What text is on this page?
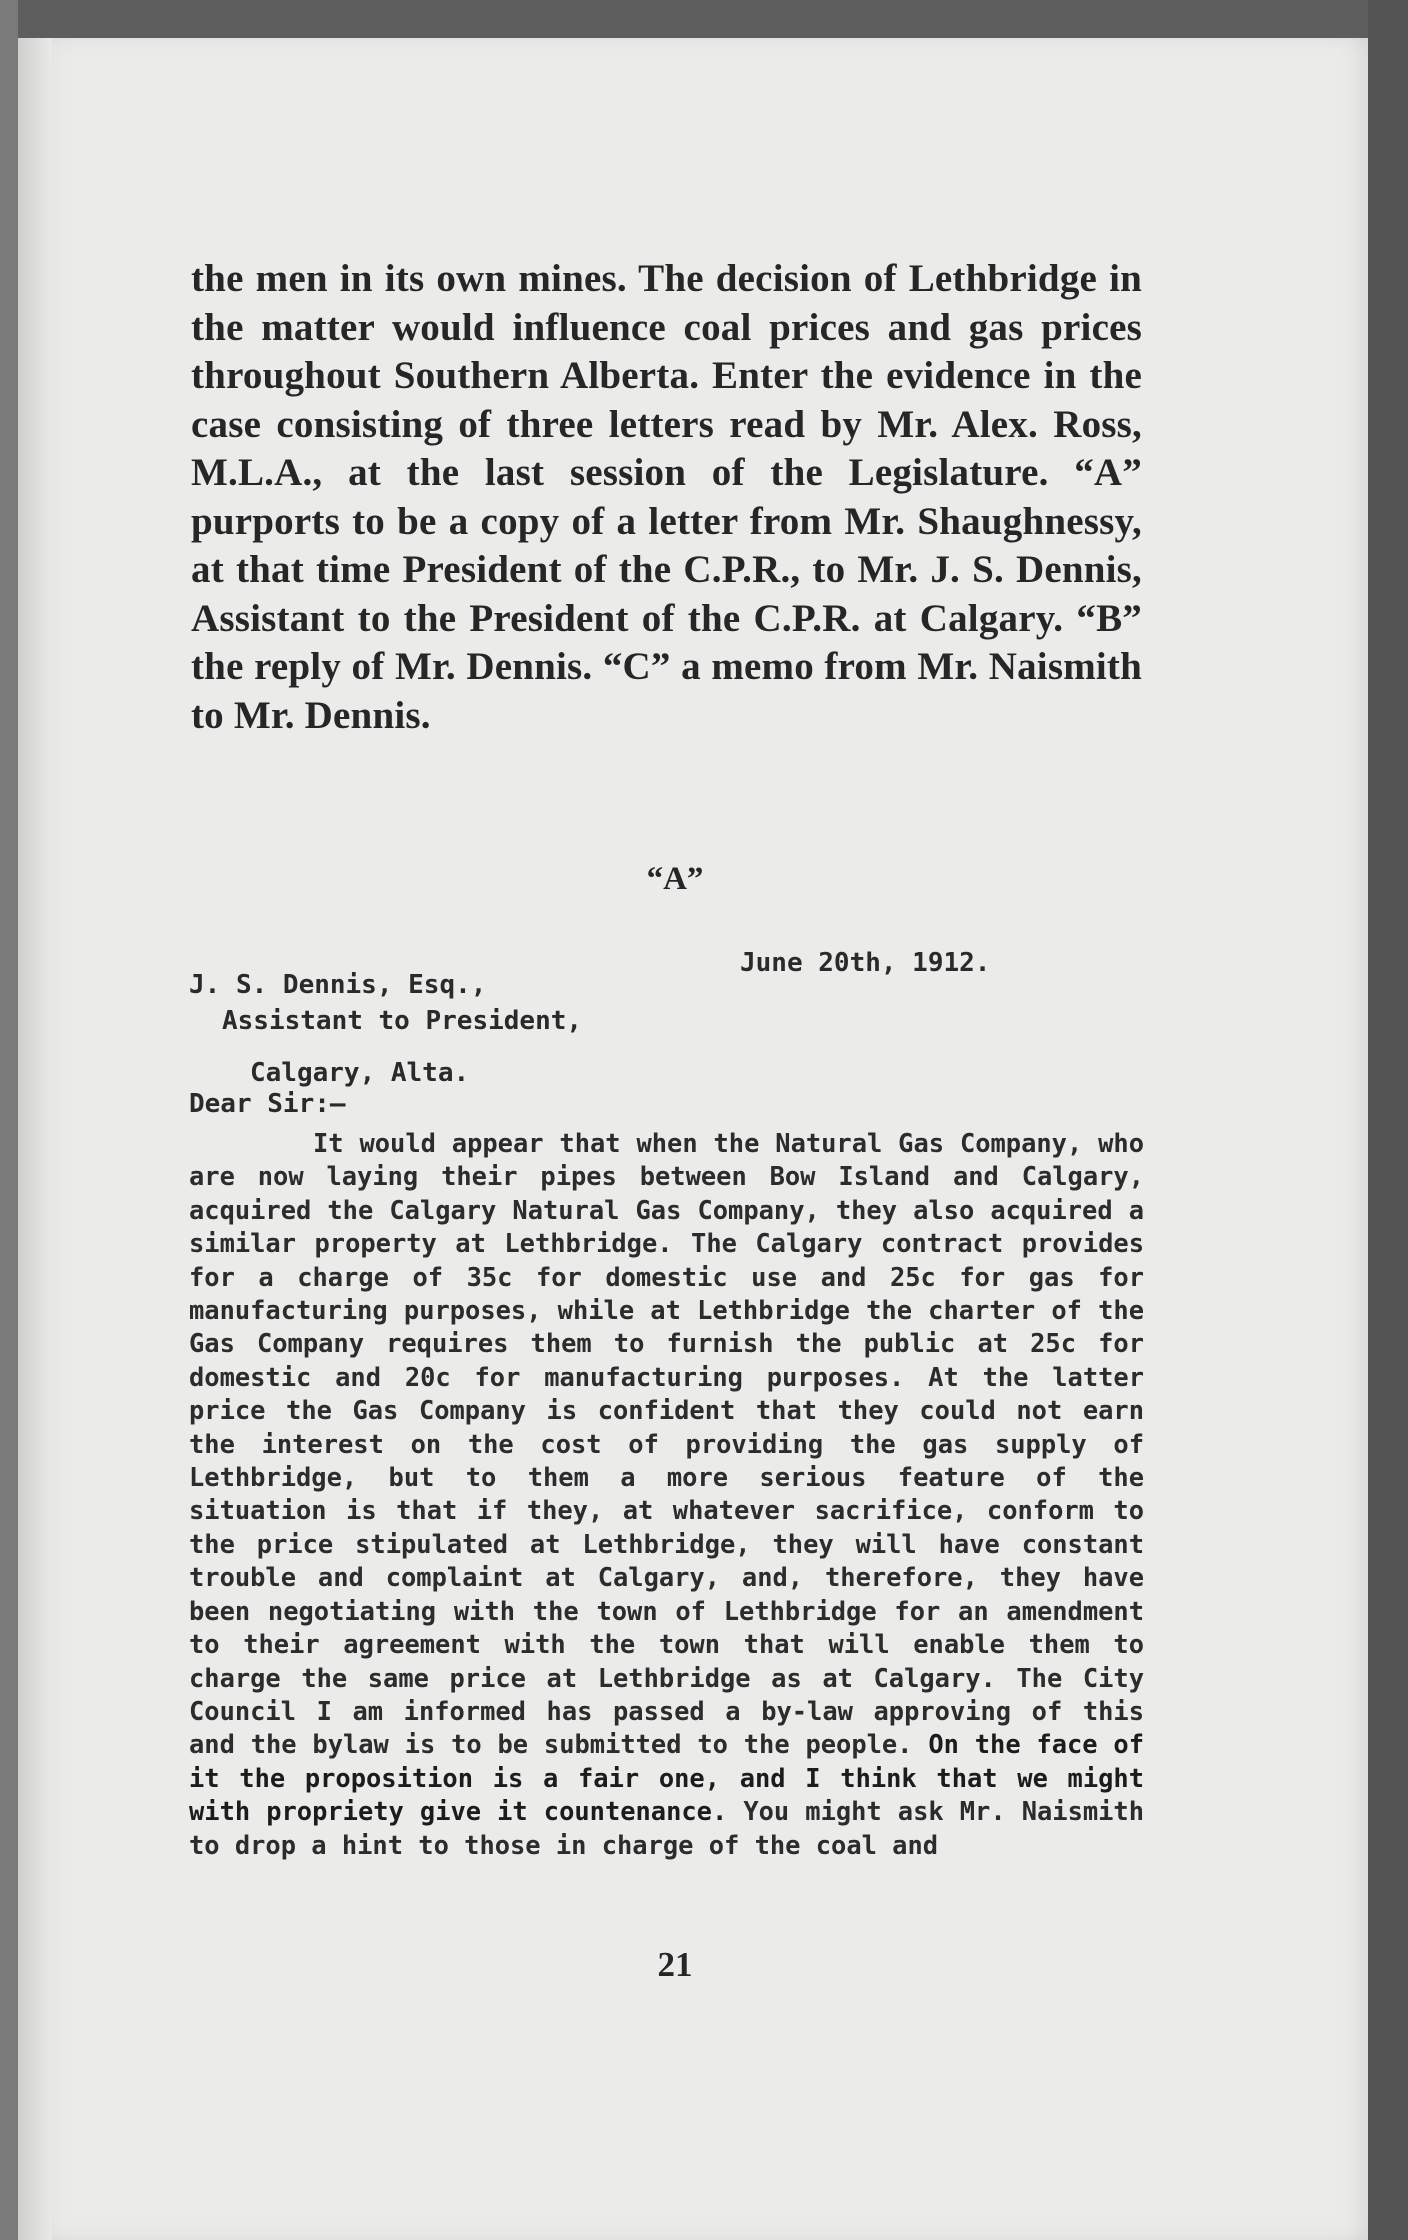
the men in its own mines. The decision of Lethbridge in the matter would influence coal prices and gas prices throughout Southern Alberta. Enter the evidence in the case consisting of three letters read by Mr. Alex. Ross, M.L.A., at the last session of the Legislature. “A” purports to be a copy of a letter from Mr. Shaughnessy, at that time President of the C.P.R., to Mr. J. S. Dennis, Assistant to the President of the C.P.R. at Calgary. “B” the reply of Mr. Dennis. “C” a memo from Mr. Naismith to Mr. Dennis.

“A”
June 20th, 1912.
J. S. Dennis, Esq.,
Assistant to President,
Calgary, Alta.
Dear Sir:—

It would appear that when the Natural Gas Company, who are now laying their pipes between Bow Island and Calgary, acquired the Calgary Natural Gas Company, they also acquired a similar property at Lethbridge. The Calgary contract provides for a charge of 35c for domestic use and 25c for gas for manufacturing purposes, while at Lethbridge the charter of the Gas Company requires them to furnish the public at 25c for domestic and 20c for manufacturing purposes. At the latter price the Gas Company is confident that they could not earn the interest on the cost of providing the gas supply of Lethbridge, but to them a more serious feature of the situation is that if they, at whatever sacrifice, conform to the price stipulated at Lethbridge, they will have constant trouble and complaint at Calgary, and, therefore, they have been negotiating with the town of Lethbridge for an amendment to their agreement with the town that will enable them to charge the same price at Lethbridge as at Calgary. The City Council I am informed has passed a by-law approving of this and the bylaw is to be submitted to the people. On the face of it the proposition is a fair one, and I think that we might with propriety give it countenance. You might ask Mr. Naismith to drop a hint to those in charge of the coal and

21
